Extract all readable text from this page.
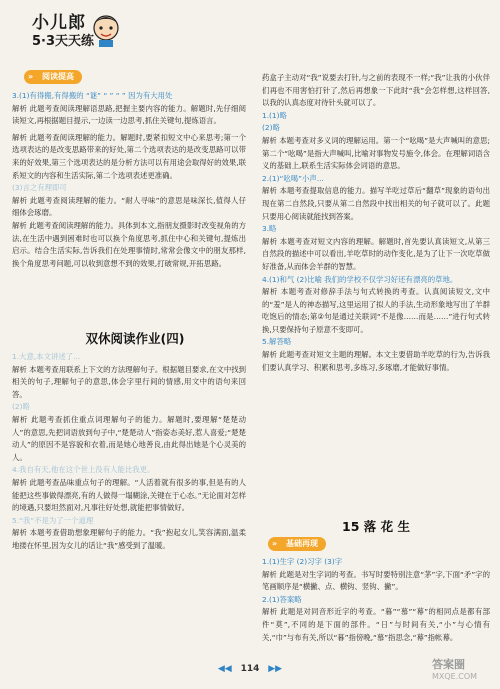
小儿郎
5·3天天练
» 阅读提高

3.(1)有得搬,有得搬的 “谜” “ ” “ ” 因为有大用处

解析 此题考查阅读理解语思路,把握主要内容的能力。解题时,先仔细阅读短文,再根据题目提示,一边读一边思考,抓住关键句,提炼语言。

解析 此题考查阅读理解的能力。解题时,要紧扣短文中心来思考;第一个选项表达的是改变思路带来的好处,第二个选项表达的是改变思路可以带来的好效果,第三个选项表达的是分析方法可以有用途会取得好的效果,联系短文的内容和生活实际,第二个选项表述更准确。

(3)言之有理即可

解析 此题考查阅读理解的能力。“耐人寻味”的意思是味深长,值得人仔细体会琢磨。

解析 此题考查阅读理解的能力。具体到本文,指朋友摄影时改变视角的方法,在生活中遇到困难时也可以换个角度思考,抓住中心和关键句,提炼出启示。结合生活实际,告诉我们在处理事情时,常常会像文中的朋友那样,换个角度思考问题,可以收到意想不到的效果,打破常规,开拓思路。

双休阅读作业(四)

1.大意,本文讲述了...

解析 本题考查用联系上下文的方法理解句子。根据题目要求,在文中找到相关的句子,理解句子的意思,体会字里行间的情感,用文中的语句来回答。

(2)略

解析 此题考查抓住重点词理解句子的能力。解题时,要理解“楚楚动人”的意思,先把词语放到句子中,“楚楚动人”指姿态美好,惹人喜爱;“楚楚动人”的原因不是容貌和衣着,而是她心地善良,由此得出她是个心灵美的人。

4.我自有天,他在这个世上没有人能比我更。

解析 此题考查品味重点句子的理解。“人活着就有很多的事,但是有的人能把这些事做得漂亮,有的人做得一塌糊涂,关键在于心态。”无论面对怎样的境遇,只要坦然面对,凡事往好处想,就能把事情做好。

5.“我”不是为了一个道理

解析 本题考查借助想象理解句子的能力。“我”抱起女儿,笑容满面,温柔地搂在怀里,因为女儿的话让“我”感受到了温暖。

药盒子主动对“我”说要去打针,与之前的表现不一样;“我”让我的小伙伴们再也不用害怕打针了,然后再想象一下此时“我”会怎样想,这样回答,以我的认真态度对待针头就可以了。

1.(1)略

(2)略

解析 本题考查对多义词的理解运用。第一个“吆喝”是大声喊叫的意思;第二个“吆喝”是指大声喊叫,比喻对事物发号施令,体会。在理解词语含义的基础上,联系生活实际体会词语的意思。

2.(1)“吆喝”小声...

解析 本题考查提取信息的能力。描写羊吃过草后“翻草”现象的语句出现在第二自然段,只要从第二自然段中找出相关的句子就可以了。此题只要用心阅读就能找到答案。

3.略

解析 本题考查对短文内容的理解。解题时,首先要认真读短文,从第三自然段的描述中可以看出,羊吃草时的动作变化,是为了让下一次吃草做好准备,从而体会羊群的智慧。

4.(1)和气 (2)比喻 我们的学校不仅学习好还有漂亮的草地。

解析 本题考查对修辞手法与句式转换的考查。认真阅读短文,文中的“羞”是人的神态描写,这里运用了拟人的手法,生动形象地写出了羊群吃饱后的情态;第②句是通过关联词“不是像……而是……”进行句式转换,只要保持句子原意不变即可。

5.解答略

解析 此题考查对短文主题的理解。本文主要借助羊吃草的行为,告诉我们要认真学习、积累和思考,多练习,多琢磨,才能做好事情。

15 落 花 生
» 基础再现

1.(1)生字 (2)习字 (3)字

解析 此题是对生字词的考查。书写时要特别注意“茅”字,下面“矛”字的笔画顺序是“横撇、点、横钩、竖钩、撇”。

2.(1)答案略

解析 此题是对同音形近字的考查。“暮”“慕”“幕”的相同点是都有部件“莫”,不同的是下面的部件。“日”与时间有关,“小”与心情有关,“巾”与布有关,所以“暮”指傍晚,“慕”指思念,“幕”指帐幕。

◀◀ 114 ▶▶	答案圈
MXQE.COM
